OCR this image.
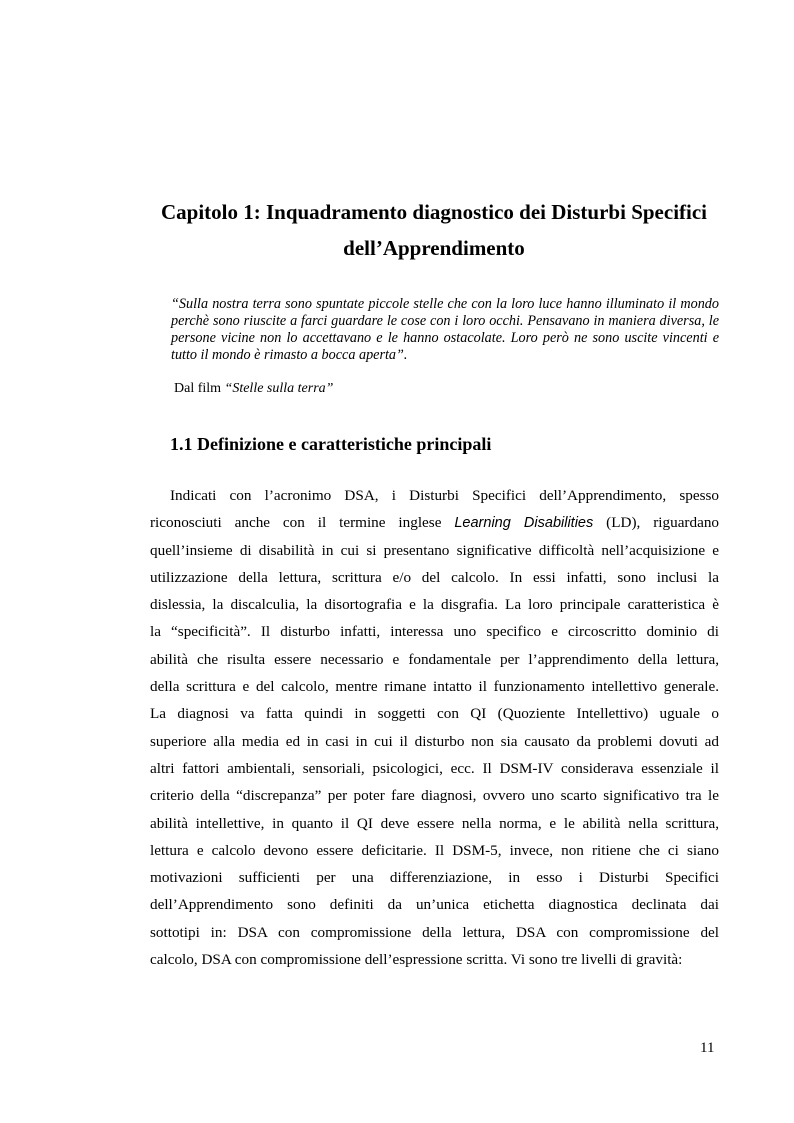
Capitolo 1: Inquadramento diagnostico dei Disturbi Specifici
dell’Apprendimento

“Sulla nostra terra sono spuntate piccole stelle che con la loro luce hanno illuminato il mondo perchè sono riuscite a farci guardare le cose con i loro occhi. Pensavano in maniera diversa, le persone vicine non lo accettavano e le hanno ostacolate. Loro però ne sono uscite vincenti e tutto il mondo è rimasto a bocca aperta”.

Dal film “Stelle sulla terra”

1.1 Definizione e caratteristiche principali
Indicati con l’acronimo DSA, i Disturbi Specifici dell’Apprendimento, spesso
riconosciuti anche con il termine inglese Learning Disabilities (LD), riguardano
quell’insieme di disabilità in cui si presentano significative difficoltà nell’acquisizione e
utilizzazione della lettura, scrittura e/o del calcolo. In essi infatti, sono inclusi la
dislessia, la discalculia, la disortografia e la disgrafia. La loro principale caratteristica è
la “specificità”. Il disturbo infatti, interessa uno specifico e circoscritto dominio di
abilità che risulta essere necessario e fondamentale per l’apprendimento della lettura,
della scrittura e del calcolo, mentre rimane intatto il funzionamento intellettivo generale.
La diagnosi va fatta quindi in soggetti con QI (Quoziente Intellettivo) uguale o
superiore alla media ed in casi in cui il disturbo non sia causato da problemi dovuti ad
altri fattori ambientali, sensoriali, psicologici, ecc. Il DSM-IV considerava essenziale il
criterio della “discrepanza” per poter fare diagnosi, ovvero uno scarto significativo tra le
abilità intellettive, in quanto il QI deve essere nella norma, e le abilità nella scrittura,
lettura e calcolo devono essere deficitarie. Il DSM-5, invece, non ritiene che ci siano
motivazioni sufficienti per una differenziazione, in esso i Disturbi Specifici
dell’Apprendimento sono definiti da un’unica etichetta diagnostica declinata dai
sottotipi in: DSA con compromissione della lettura, DSA con compromissione del
calcolo, DSA con compromissione dell’espressione scritta. Vi sono tre livelli di gravità:

11
